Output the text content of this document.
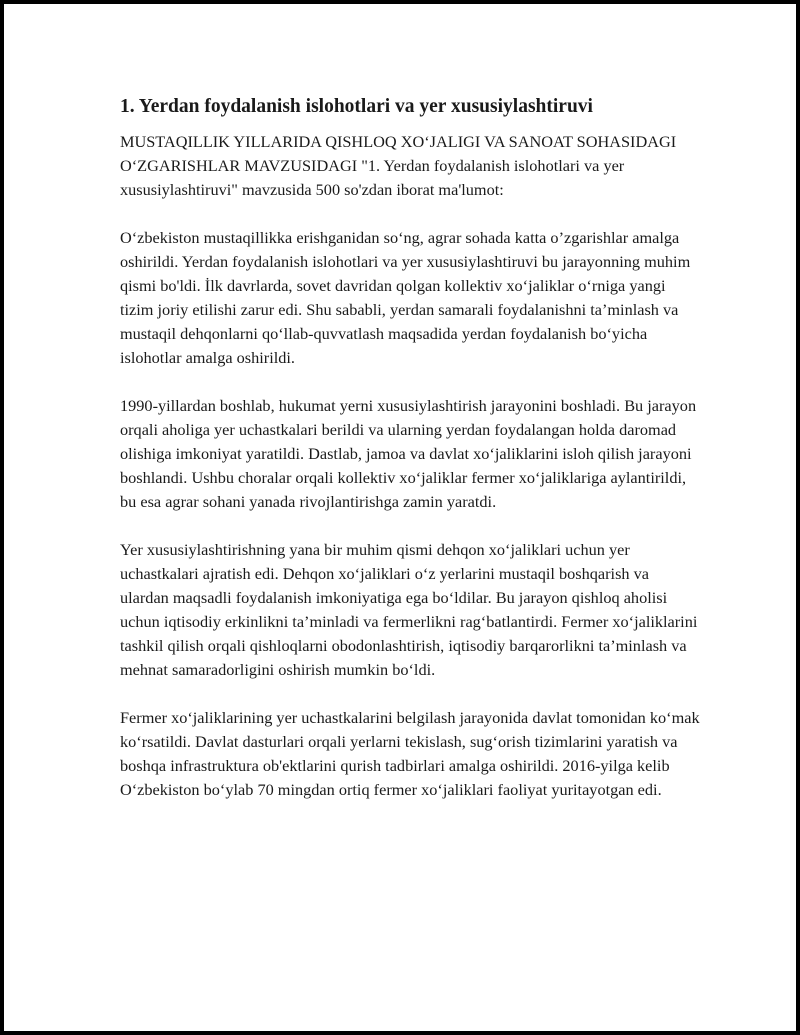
1. Yerdan foydalanish islohotlari va yer xususiylashtiruvi

MUSTAQILLIK YILLARIDA QISHLOQ XO‘JALIGI VA SANOAT SOHASIDAGI O‘ZGARISHLAR MAVZUSIDAGI "1. Yerdan foydalanish islohotlari va yer xususiylashtiruvi" mavzusida 500 so'zdan iborat ma'lumot:

O‘zbekiston mustaqillikka erishganidan so‘ng, agrar sohada katta o’zgarishlar amalga oshirildi. Yerdan foydalanish islohotlari va yer xususiylashtiruvi bu jarayonning muhim qismi bo'ldi. İlk davrlarda, sovet davridan qolgan kollektiv xo‘jaliklar o‘rniga yangi tizim joriy etilishi zarur edi. Shu sababli, yerdan samarali foydalanishni ta’minlash va mustaqil dehqonlarni qo‘llab-quvvatlash maqsadida yerdan foydalanish bo‘yicha islohotlar amalga oshirildi.

1990-yillardan boshlab, hukumat yerni xususiylashtirish jarayonini boshladi. Bu jarayon orqali aholiga yer uchastkalari berildi va ularning yerdan foydalangan holda daromad olishiga imkoniyat yaratildi. Dastlab, jamoa va davlat xo‘jaliklarini isloh qilish jarayoni boshlandi. Ushbu choralar orqali kollektiv xo‘jaliklar fermer xo‘jaliklariga aylantirildi, bu esa agrar sohani yanada rivojlantirishga zamin yaratdi.

Yer xususiylashtirishning yana bir muhim qismi dehqon xo‘jaliklari uchun yer uchastkalari ajratish edi. Dehqon xo‘jaliklari o‘z yerlarini mustaqil boshqarish va ulardan maqsadli foydalanish imkoniyatiga ega bo‘ldilar. Bu jarayon qishloq aholisi uchun iqtisodiy erkinlikni ta’minladi va fermerlikni rag‘batlantirdi. Fermer xo‘jaliklarini tashkil qilish orqali qishloqlarni obodonlashtirish, iqtisodiy barqarorlikni ta’minlash va mehnat samaradorligini oshirish mumkin bo‘ldi.

Fermer xo‘jaliklarining yer uchastkalarini belgilash jarayonida davlat tomonidan ko‘mak ko‘rsatildi. Davlat dasturlari orqali yerlarni tekislash, sug‘orish tizimlarini yaratish va boshqa infrastruktura ob'ektlarini qurish tadbirlari amalga oshirildi. 2016-yilga kelib O‘zbekiston bo‘ylab 70 mingdan ortiq fermer xo‘jaliklari faoliyat yuritayotgan edi.
